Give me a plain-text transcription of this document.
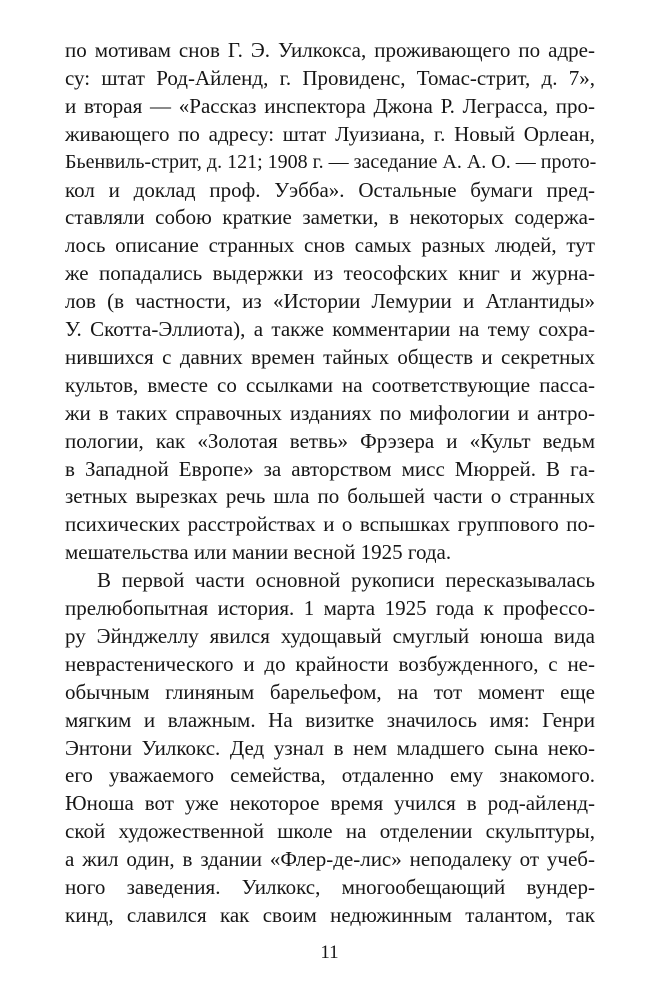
по мотивам снов Г. Э. Уилкокса, проживающего по адре-
су: штат Род-Айленд, г. Провиденс, Томас-стрит, д. 7»,
и вторая — «Рассказ инспектора Джона Р. Леграсса, про-
живающего по адресу: штат Луизиана, г. Новый Орлеан,
Бьенвиль-стрит, д. 121; 1908 г. — заседание А. А. О. — прото-
кол и доклад проф. Уэбба». Остальные бумаги пред-
ставляли собою краткие заметки, в некоторых содержа-
лось описание странных снов самых разных людей, тут
же попадались выдержки из теософских книг и журна-
лов (в частности, из «Истории Лемурии и Атлантиды»
У. Скотта-Эллиота), а также комментарии на тему сохра-
нившихся с давних времен тайных обществ и секретных
культов, вместе со ссылками на соответствующие пасса-
жи в таких справочных изданиях по мифологии и антро-
пологии, как «Золотая ветвь» Фрэзера и «Культ ведьм
в Западной Европе» за авторством мисс Мюррей. В га-
зетных вырезках речь шла по большей части о странных
психических расстройствах и о вспышках группового по-
мешательства или мании весной 1925 года.
В первой части основной рукописи пересказывалась
прелюбопытная история. 1 марта 1925 года к профессо-
ру Эйнджеллу явился худощавый смуглый юноша вида
неврастенического и до крайности возбужденного, с не-
обычным глиняным барельефом, на тот момент еще
мягким и влажным. На визитке значилось имя: Генри
Энтони Уилкокс. Дед узнал в нем младшего сына неко-
его уважаемого семейства, отдаленно ему знакомого.
Юноша вот уже некоторое время учился в род-айленд-
ской художественной школе на отделении скульптуры,
а жил один, в здании «Флер-де-лис» неподалеку от учеб-
ного заведения. Уилкокс, многообещающий вундер-
кинд, славился как своим недюжинным талантом, так
11
